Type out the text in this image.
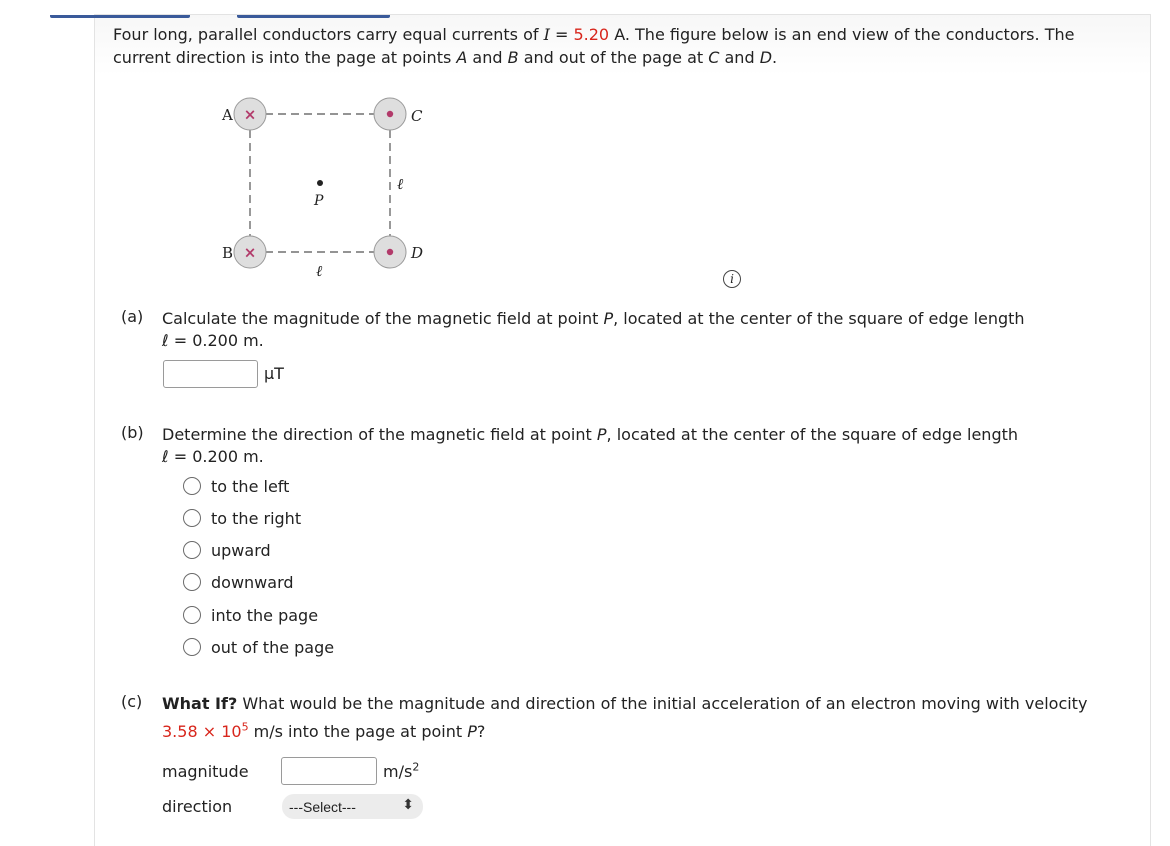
Four long, parallel conductors carry equal currents of I = 5.20 A. The figure below is an end view of the conductors. The
current direction is into the page at points A and B and out of the page at C and D.
×
×
A
B
C
D
P
ℓ
ℓ	i
(a) Calculate the magnitude of the magnetic field at point P, located at the center of the square of edge length
ℓ = 0.200 m.
μT
(b) Determine the direction of the magnetic field at point P, located at the center of the square of edge length
ℓ = 0.200 m.
to the left
to the right
upward
downward
into the page
out of the page
(c) What If? What would be the magnitude and direction of the initial acceleration of an electron moving with velocity
$3.58 \times 10^5$ m/s into the page at point P?
magnitude	$m/s^2$
direction	---Select---	⬍
